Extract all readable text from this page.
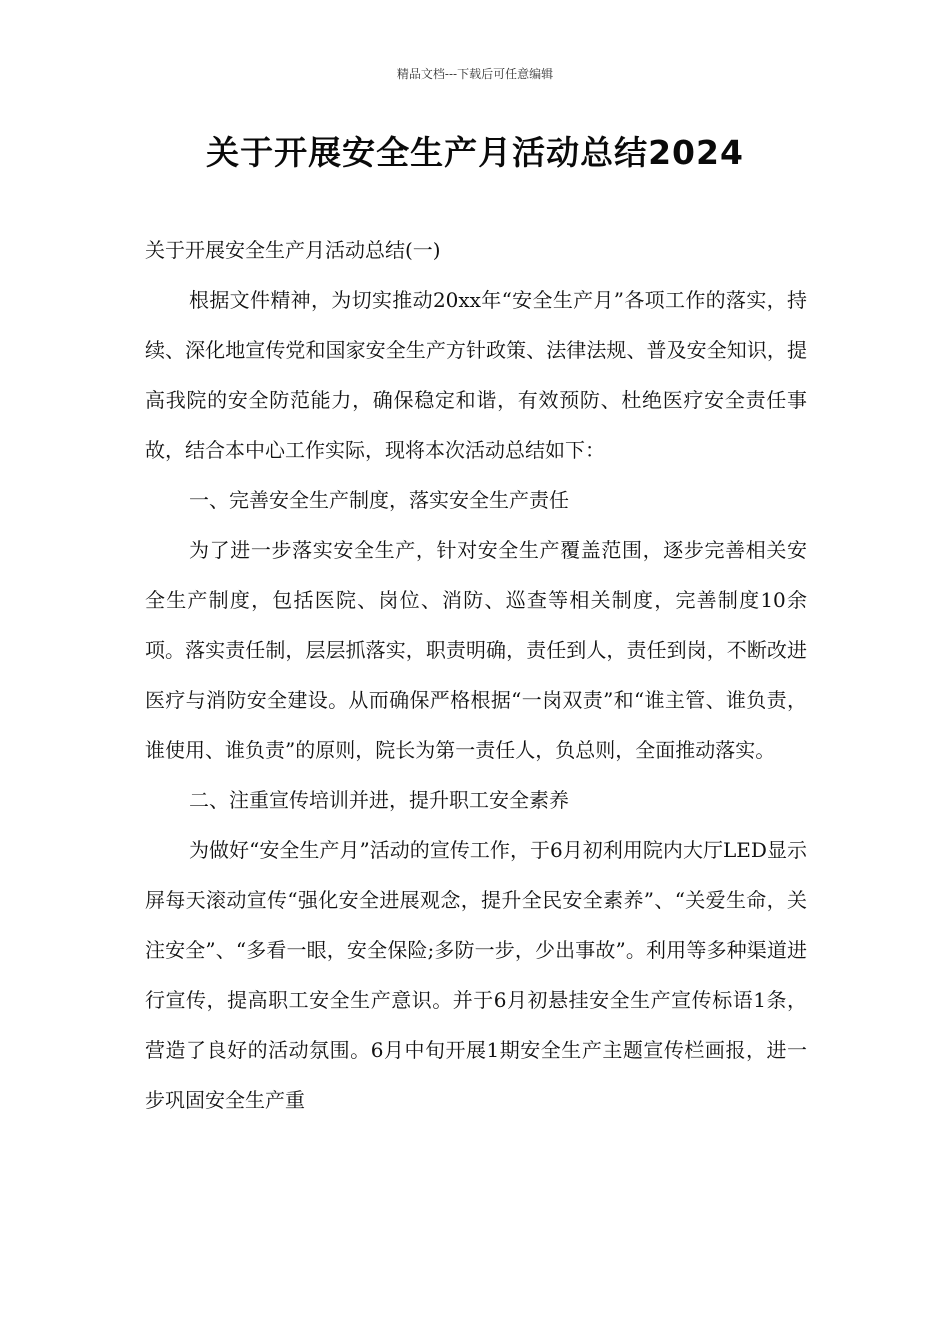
精品文档---下载后可任意编辑
关于开展安全生产月活动总结2024

关于开展安全生产月活动总结(一)

根据文件精神，为切实推动20xx年“安全生产月”各项工作的落实，持续、深化地宣传党和国家安全生产方针政策、法律法规、普及安全知识，提高我院的安全防范能力，确保稳定和谐，有效预防、杜绝医疗安全责任事故，结合本中心工作实际，现将本次活动总结如下：

一、完善安全生产制度，落实安全生产责任

为了进一步落实安全生产，针对安全生产覆盖范围，逐步完善相关安全生产制度，包括医院、岗位、消防、巡查等相关制度，完善制度10余项。落实责任制，层层抓落实，职责明确，责任到人，责任到岗，不断改进医疗与消防安全建设。从而确保严格根据“一岗双责”和“谁主管、谁负责，谁使用、谁负责”的原则，院长为第一责任人，负总则，全面推动落实。

二、注重宣传培训并进，提升职工安全素养

为做好“安全生产月”活动的宣传工作，于6月初利用院内大厅LED显示屏每天滚动宣传“强化安全进展观念，提升全民安全素养”、“关爱生命，关注安全”、“多看一眼，安全保险;多防一步，少出事故”。利用等多种渠道进行宣传，提高职工安全生产意识。并于6月初悬挂安全生产宣传标语1条，营造了良好的活动氛围。6月中旬开展1期安全生产主题宣传栏画报，进一步巩固安全生产重
